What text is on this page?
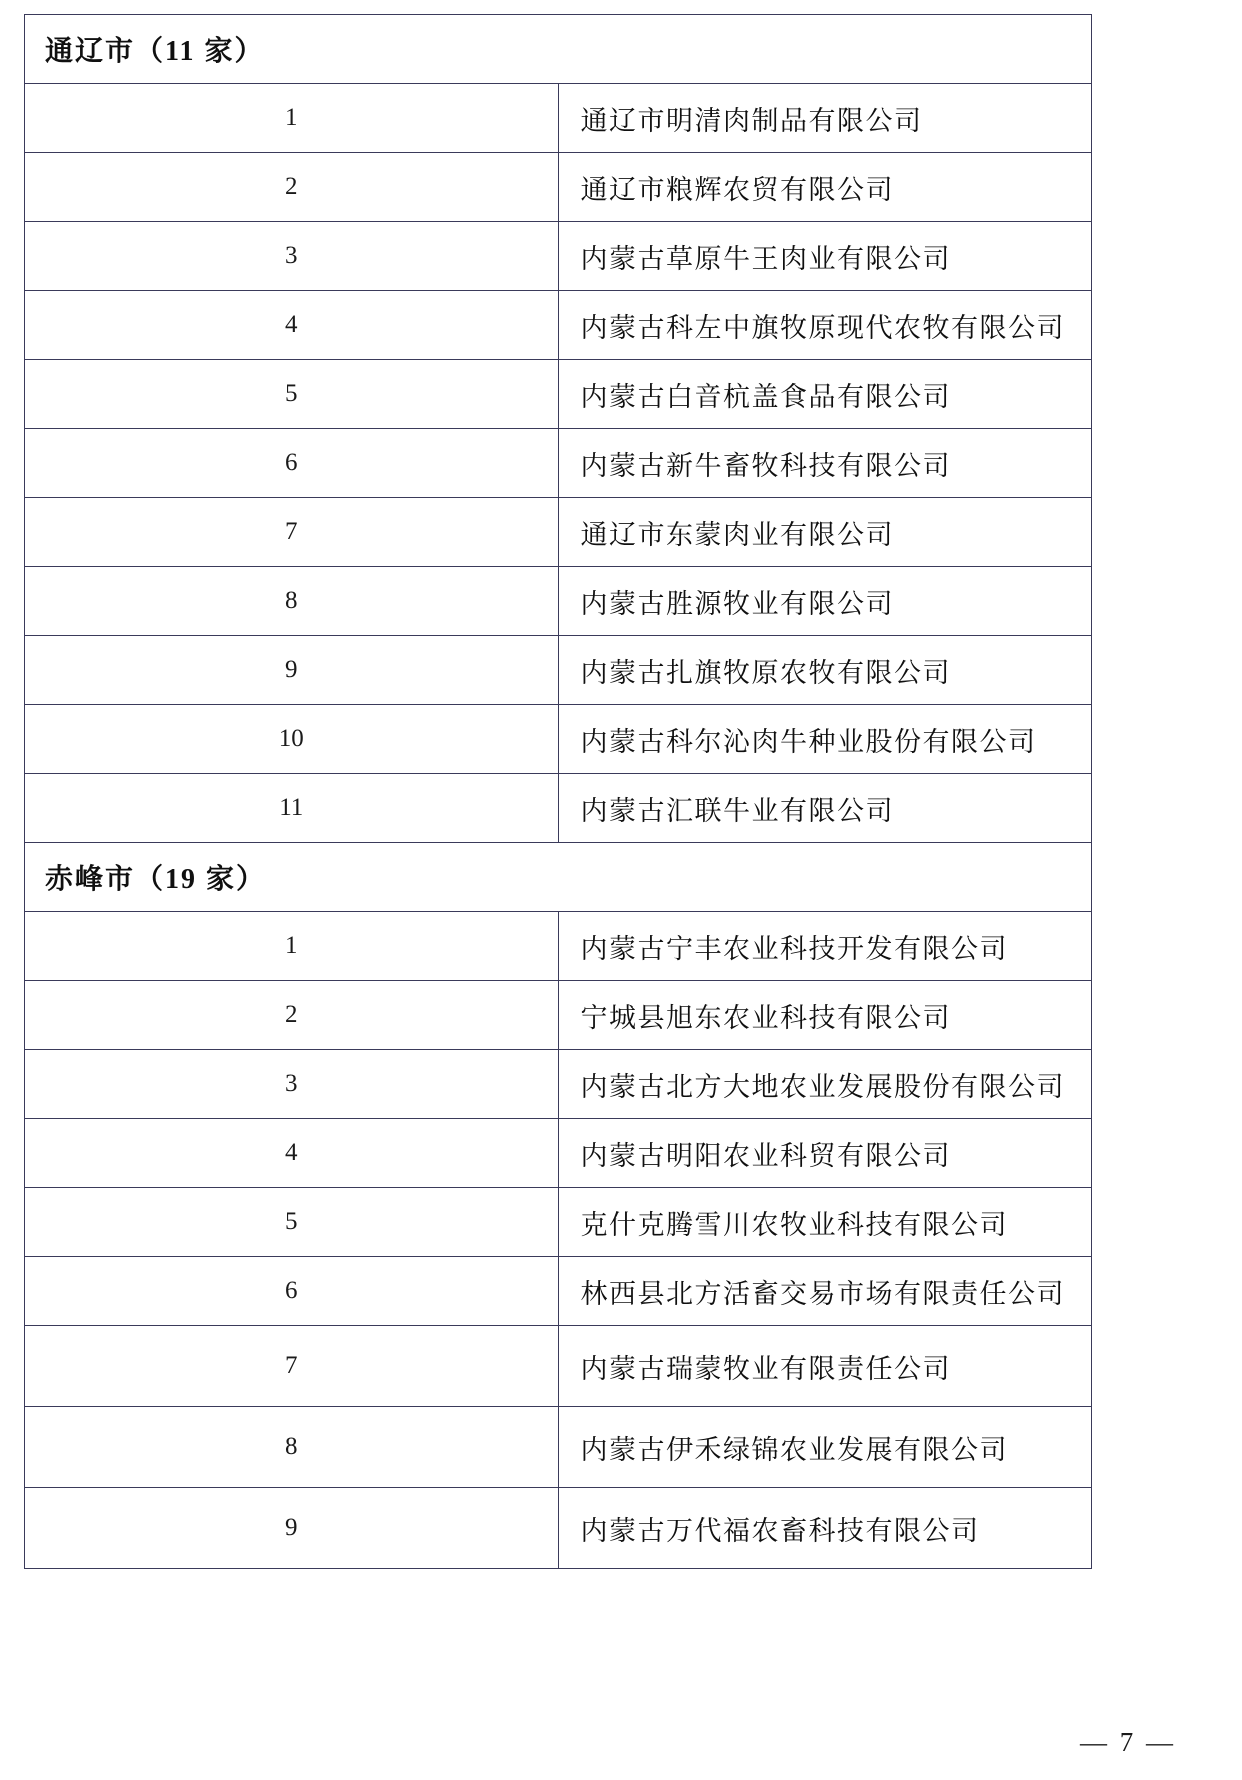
通辽市（11 家）	
1	通辽市明清肉制品有限公司
2	通辽市粮辉农贸有限公司
3	内蒙古草原牛王肉业有限公司
4	内蒙古科左中旗牧原现代农牧有限公司
5	内蒙古白音杭盖食品有限公司
6	内蒙古新牛畜牧科技有限公司
7	通辽市东蒙肉业有限公司
8	内蒙古胜源牧业有限公司
9	内蒙古扎旗牧原农牧有限公司
10	内蒙古科尔沁肉牛种业股份有限公司
11	内蒙古汇联牛业有限公司
赤峰市（19 家）	
1	内蒙古宁丰农业科技开发有限公司
2	宁城县旭东农业科技有限公司
3	内蒙古北方大地农业发展股份有限公司
4	内蒙古明阳农业科贸有限公司
5	克什克腾雪川农牧业科技有限公司
6	林西县北方活畜交易市场有限责任公司
7	内蒙古瑞蒙牧业有限责任公司
8	内蒙古伊禾绿锦农业发展有限公司
9	内蒙古万代福农畜科技有限公司
— 7 —
